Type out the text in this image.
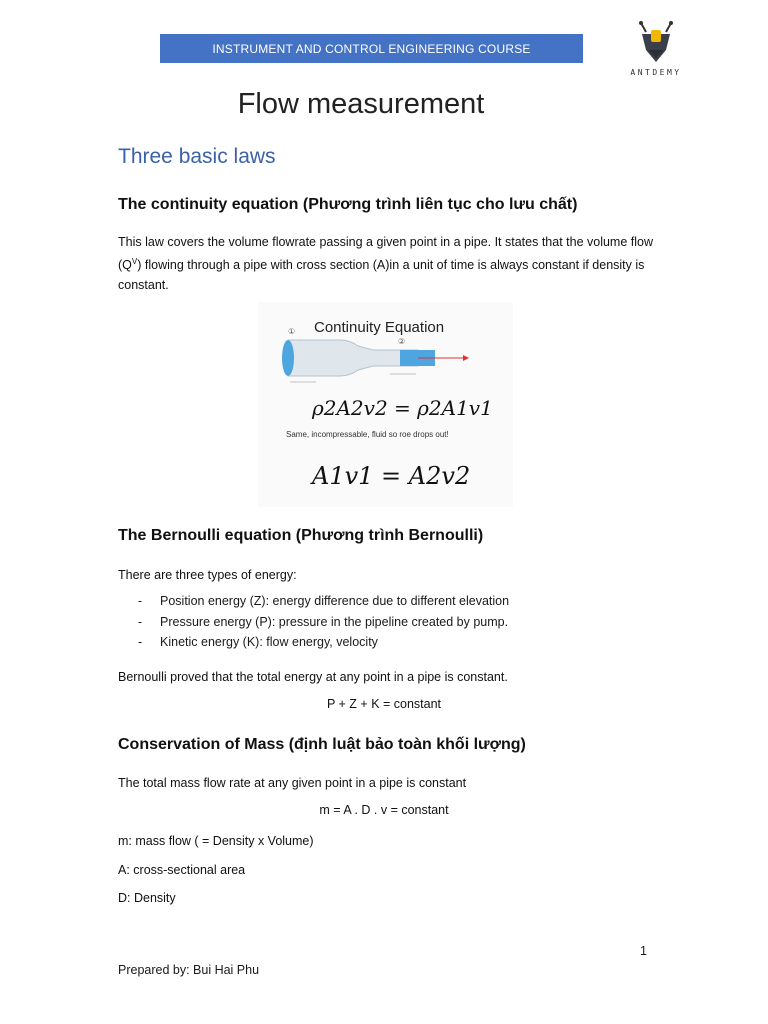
INSTRUMENT AND CONTROL ENGINEERING COURSE
ANTDEMY
Flow measurement
Three basic laws
The continuity equation (Phương trình liên tục cho lưu chất)
This law covers the volume flowrate passing a given point in a pipe. It states that the volume flow $(Q^V)$ flowing through a pipe with cross section (A)in a unit of time is always constant if density is constant.
Continuity Equation
①
②
ρ2A2v2 = ρ2A1v1
Same, incompressable, fluid so roe drops out!
A1v1 = A2v2
The Bernoulli equation (Phương trình Bernoulli)
There are three types of energy:
- Position energy (Z): energy difference due to different elevation
- Pressure energy (P): pressure in the pipeline created by pump.
- Kinetic energy (K): flow energy, velocity
Bernoulli proved that the total energy at any point in a pipe is constant.
P + Z + K = constant
Conservation of Mass (định luật bảo toàn khối lượng)
The total mass flow rate at any given point in a pipe is constant
m = A . D . v = constant
m: mass flow ( = Density x Volume)
A: cross-sectional area
D: Density
1
Prepared by: Bui Hai Phu
